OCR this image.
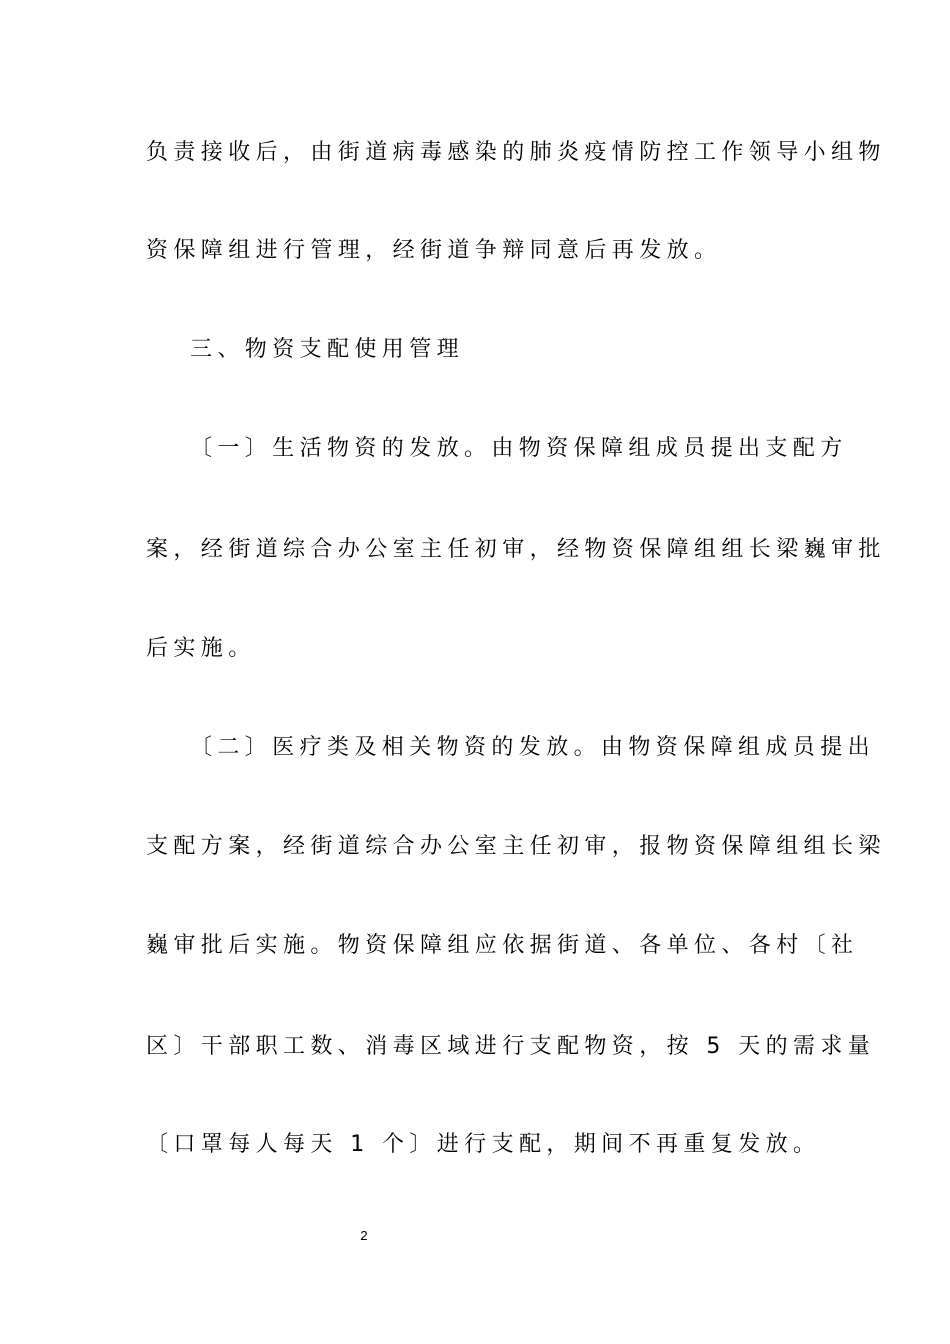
负责接收后，由街道病毒感染的肺炎疫情防控工作领导小组物
资保障组进行管理，经街道争辩同意后再发放。
三、物资支配使用管理
〔一〕生活物资的发放。由物资保障组成员提出支配方
案，经街道综合办公室主任初审，经物资保障组组长梁巍审批
后实施。
〔二〕医疗类及相关物资的发放。由物资保障组成员提出
支配方案，经街道综合办公室主任初审，报物资保障组组长梁
巍审批后实施。物资保障组应依据街道、各单位、各村〔社
区〕干部职工数、消毒区域进行支配物资，按 5 天的需求量
〔口罩每人每天 1 个〕进行支配，期间不再重复发放。
2
